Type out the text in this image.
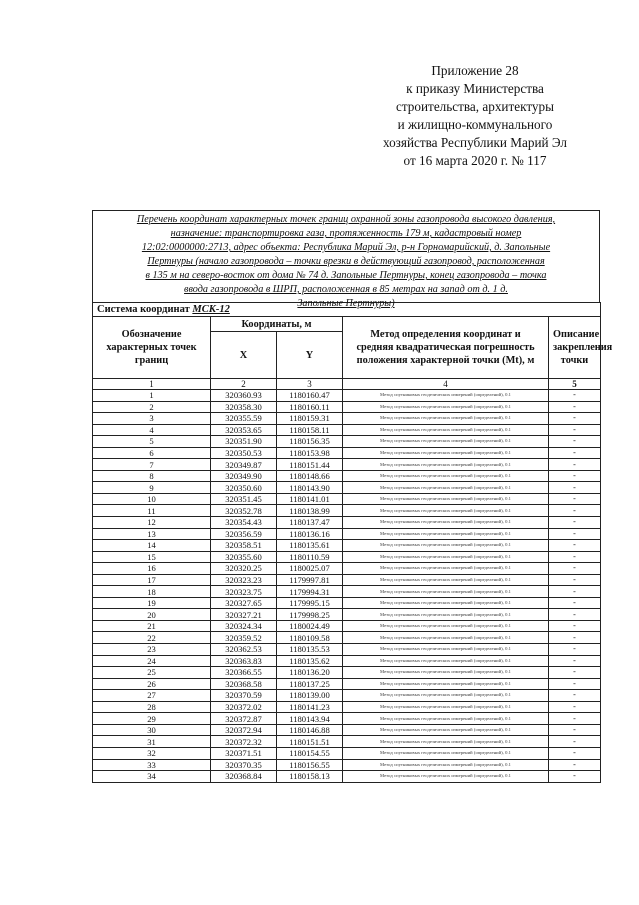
Приложение 28
к приказу Министерства
строительства, архитектуры
и жилищно-коммунального
хозяйства Республики Марий Эл
от 16 марта 2020 г. № 117
Перечень координат характерных точек границ охранной зоны газопровода высокого давления,
назначение: транспортировка газа, протяженность 179 м, кадастровый номер
12:02:0000000:2713, адрес объекта: Республика Марий Эл, р-н Горномарийский, д. Запольные
Пертнуры (начало газопровода – точки врезки в действующий газопровод, расположенная
в 135 м на северо-восток от дома № 74 д. Запольные Пертнуры, конец газопровода – точка
ввода газопровода в ШРП, расположенная в 85 метрах на запад от д. 1 д.
Запольные Пертнуры)
Система координат МСК-12				
Обозначение характерных точек границ	Координаты, м		Метод определения координат и средняя квадратическая погрешность положения характерной точки (Mt), м	Описание закрепления точки
	X	Y		
1	2	3	4	5
1	320360.93	1180160.47	Метод спутниковых геодезических измерений (определений), 0.1	-
2	320358.30	1180160.11	Метод спутниковых геодезических измерений (определений), 0.1	-
3	320355.59	1180159.31	Метод спутниковых геодезических измерений (определений), 0.1	-
4	320353.65	1180158.11	Метод спутниковых геодезических измерений (определений), 0.1	-
5	320351.90	1180156.35	Метод спутниковых геодезических измерений (определений), 0.1	-
6	320350.53	1180153.98	Метод спутниковых геодезических измерений (определений), 0.1	-
7	320349.87	1180151.44	Метод спутниковых геодезических измерений (определений), 0.1	-
8	320349.90	1180148.66	Метод спутниковых геодезических измерений (определений), 0.1	-
9	320350.60	1180143.90	Метод спутниковых геодезических измерений (определений), 0.1	-
10	320351.45	1180141.01	Метод спутниковых геодезических измерений (определений), 0.1	-
11	320352.78	1180138.99	Метод спутниковых геодезических измерений (определений), 0.1	-
12	320354.43	1180137.47	Метод спутниковых геодезических измерений (определений), 0.1	-
13	320356.59	1180136.16	Метод спутниковых геодезических измерений (определений), 0.1	-
14	320358.51	1180135.61	Метод спутниковых геодезических измерений (определений), 0.1	-
15	320355.60	1180110.59	Метод спутниковых геодезических измерений (определений), 0.1	-
16	320320.25	1180025.07	Метод спутниковых геодезических измерений (определений), 0.1	-
17	320323.23	1179997.81	Метод спутниковых геодезических измерений (определений), 0.1	-
18	320323.75	1179994.31	Метод спутниковых геодезических измерений (определений), 0.1	-
19	320327.65	1179995.15	Метод спутниковых геодезических измерений (определений), 0.1	-
20	320327.21	1179998.25	Метод спутниковых геодезических измерений (определений), 0.1	-
21	320324.34	1180024.49	Метод спутниковых геодезических измерений (определений), 0.1	-
22	320359.52	1180109.58	Метод спутниковых геодезических измерений (определений), 0.1	-
23	320362.53	1180135.53	Метод спутниковых геодезических измерений (определений), 0.1	-
24	320363.83	1180135.62	Метод спутниковых геодезических измерений (определений), 0.1	-
25	320366.55	1180136.20	Метод спутниковых геодезических измерений (определений), 0.1	-
26	320368.58	1180137.25	Метод спутниковых геодезических измерений (определений), 0.1	-
27	320370.59	1180139.00	Метод спутниковых геодезических измерений (определений), 0.1	-
28	320372.02	1180141.23	Метод спутниковых геодезических измерений (определений), 0.1	-
29	320372.87	1180143.94	Метод спутниковых геодезических измерений (определений), 0.1	-
30	320372.94	1180146.88	Метод спутниковых геодезических измерений (определений), 0.1	-
31	320372.32	1180151.51	Метод спутниковых геодезических измерений (определений), 0.1	-
32	320371.51	1180154.55	Метод спутниковых геодезических измерений (определений), 0.1	-
33	320370.35	1180156.55	Метод спутниковых геодезических измерений (определений), 0.1	-
34	320368.84	1180158.13	Метод спутниковых геодезических измерений (определений), 0.1	-
